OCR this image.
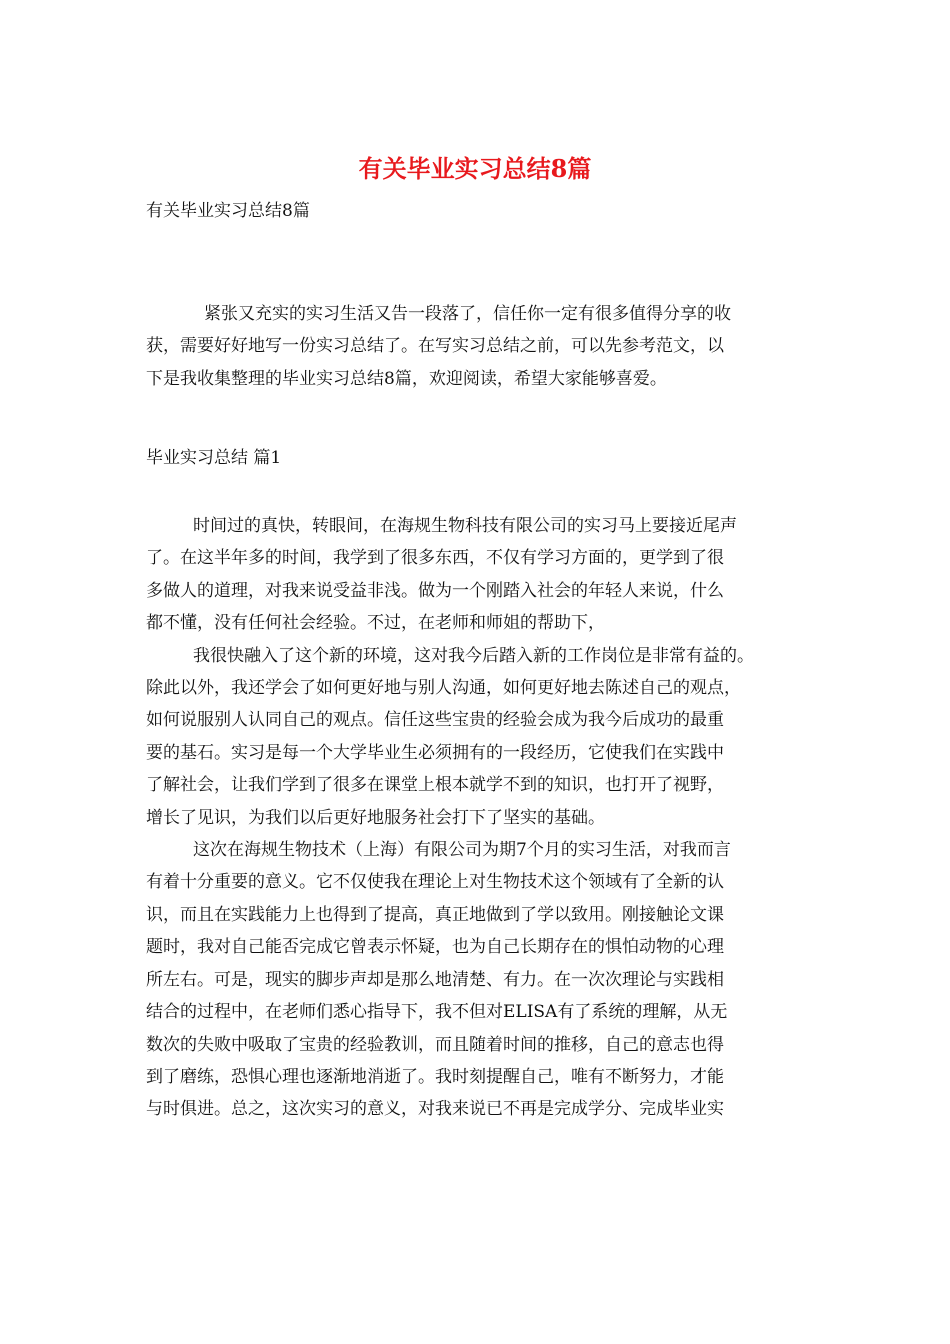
有关毕业实习总结8篇

有关毕业实习总结8篇

紧张又充实的实习生活又告一段落了，信任你一定有很多值得分享的收
获，需要好好地写一份实习总结了。在写实习总结之前，可以先参考范文，以
下是我收集整理的毕业实习总结8篇，欢迎阅读，希望大家能够喜爱。

毕业实习总结 篇1

时间过的真快，转眼间，在海规生物科技有限公司的实习马上要接近尾声
了。在这半年多的时间，我学到了很多东西，不仅有学习方面的，更学到了很
多做人的道理，对我来说受益非浅。做为一个刚踏入社会的年轻人来说，什么
都不懂，没有任何社会经验。不过，在老师和师姐的帮助下，
我很快融入了这个新的环境，这对我今后踏入新的工作岗位是非常有益的。
除此以外，我还学会了如何更好地与别人沟通，如何更好地去陈述自己的观点，
如何说服别人认同自己的观点。信任这些宝贵的经验会成为我今后成功的最重
要的基石。实习是每一个大学毕业生必须拥有的一段经历，它使我们在实践中
了解社会，让我们学到了很多在课堂上根本就学不到的知识，也打开了视野，
增长了见识，为我们以后更好地服务社会打下了坚实的基础。
这次在海规生物技术（上海）有限公司为期7个月的实习生活，对我而言
有着十分重要的意义。它不仅使我在理论上对生物技术这个领域有了全新的认
识，而且在实践能力上也得到了提高，真正地做到了学以致用。刚接触论文课
题时，我对自己能否完成它曾表示怀疑，也为自己长期存在的惧怕动物的心理
所左右。可是，现实的脚步声却是那么地清楚、有力。在一次次理论与实践相
结合的过程中，在老师们悉心指导下，我不但对ELISA有了系统的理解，从无
数次的失败中吸取了宝贵的经验教训，而且随着时间的推移，自己的意志也得
到了磨练，恐惧心理也逐渐地消逝了。我时刻提醒自己，唯有不断努力，才能
与时俱进。总之，这次实习的意义，对我来说已不再是完成学分、完成毕业实
